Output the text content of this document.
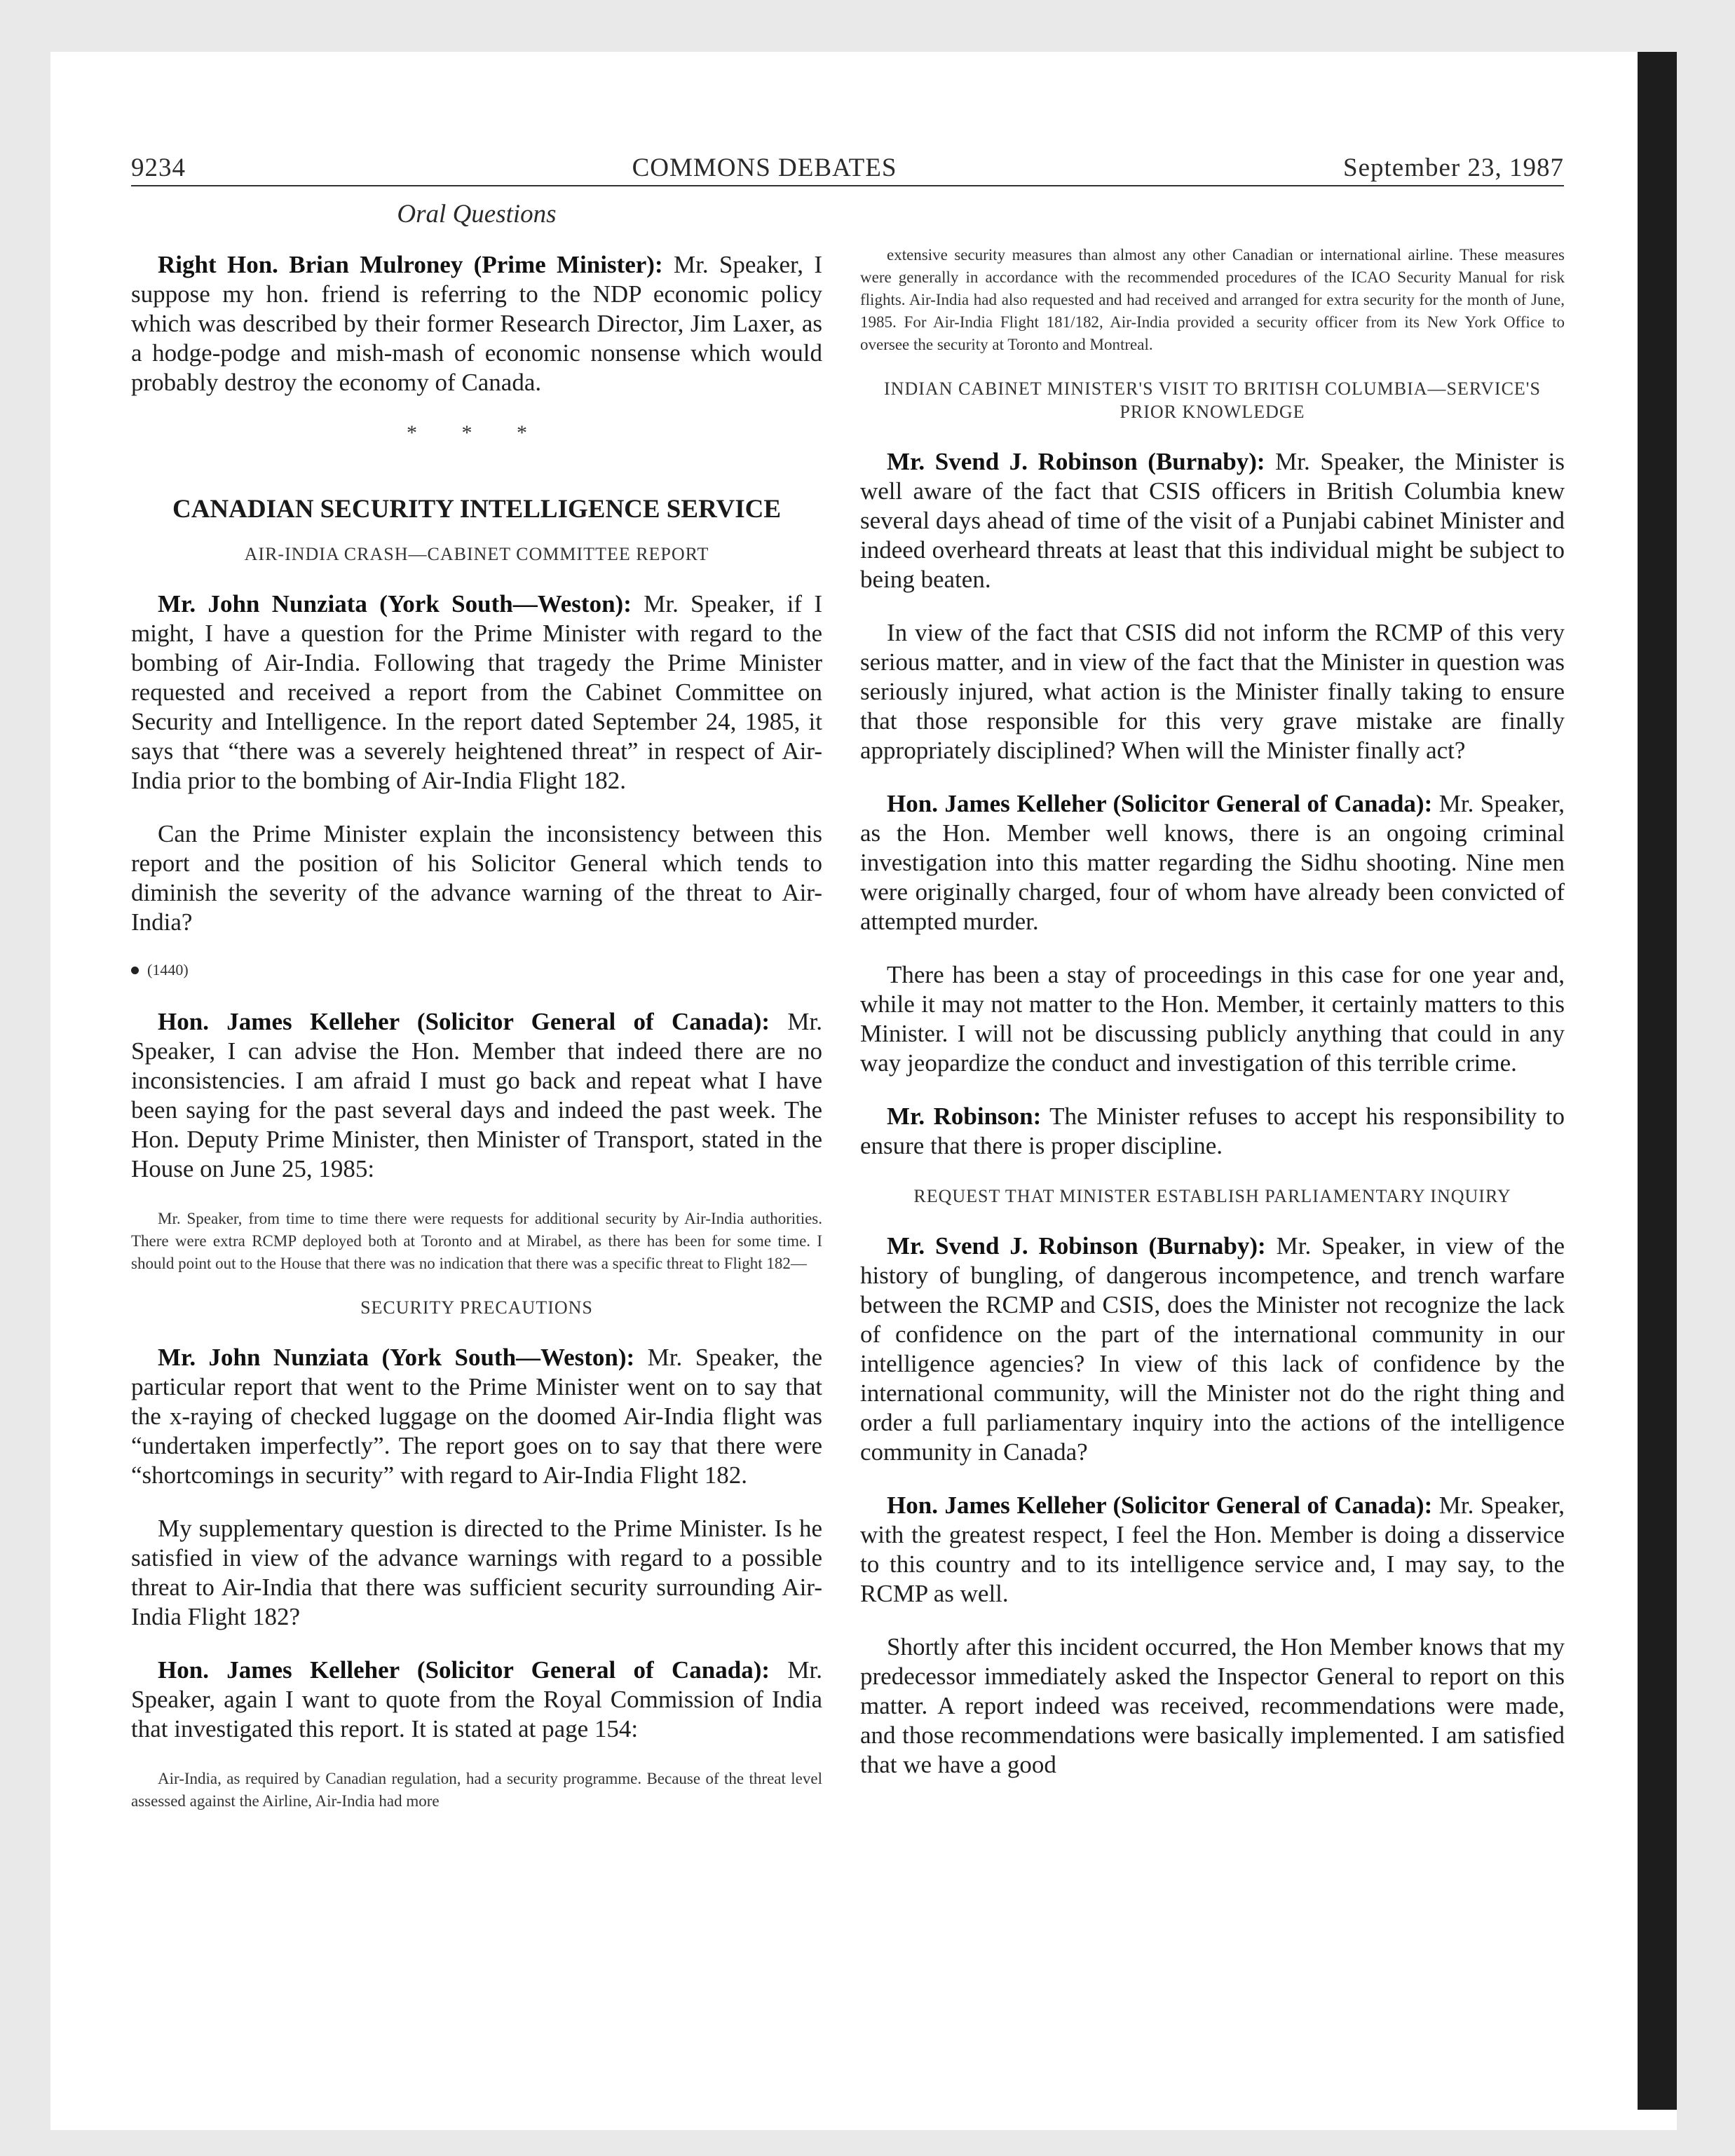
9234	COMMONS DEBATES	September 23, 1987
Oral Questions

Right Hon. Brian Mulroney (Prime Minister): Mr. Speaker, I suppose my hon. friend is referring to the NDP economic policy which was described by their former Research Director, Jim Laxer, as a hodge-podge and mish-mash of economic nonsense which would probably destroy the economy of Canada.

* * *
CANADIAN SECURITY INTELLIGENCE SERVICE
AIR-INDIA CRASH—CABINET COMMITTEE REPORT

Mr. John Nunziata (York South—Weston): Mr. Speaker, if I might, I have a question for the Prime Minister with regard to the bombing of Air-India. Following that tragedy the Prime Minister requested and received a report from the Cabinet Committee on Security and Intelligence. In the report dated September 24, 1985, it says that “there was a severely heightened threat” in respect of Air-India prior to the bombing of Air-India Flight 182.

Can the Prime Minister explain the inconsistency between this report and the position of his Solicitor General which tends to diminish the severity of the advance warning of the threat to Air-India?

(1440)

Hon. James Kelleher (Solicitor General of Canada): Mr. Speaker, I can advise the Hon. Member that indeed there are no inconsistencies. I am afraid I must go back and repeat what I have been saying for the past several days and indeed the past week. The Hon. Deputy Prime Minister, then Minister of Transport, stated in the House on June 25, 1985:

Mr. Speaker, from time to time there were requests for additional security by Air-India authorities. There were extra RCMP deployed both at Toronto and at Mirabel, as there has been for some time. I should point out to the House that there was no indication that there was a specific threat to Flight 182—
SECURITY PRECAUTIONS

Mr. John Nunziata (York South—Weston): Mr. Speaker, the particular report that went to the Prime Minister went on to say that the x-raying of checked luggage on the doomed Air-India flight was “undertaken imperfectly”. The report goes on to say that there were “shortcomings in security” with regard to Air-India Flight 182.

My supplementary question is directed to the Prime Minister. Is he satisfied in view of the advance warnings with regard to a possible threat to Air-India that there was sufficient security surrounding Air-India Flight 182?

Hon. James Kelleher (Solicitor General of Canada): Mr. Speaker, again I want to quote from the Royal Commission of India that investigated this report. It is stated at page 154:

Air-India, as required by Canadian regulation, had a security programme. Because of the threat level assessed against the Airline, Air-India had more
extensive security measures than almost any other Canadian or international airline. These measures were generally in accordance with the recommended procedures of the ICAO Security Manual for risk flights. Air-India had also requested and had received and arranged for extra security for the month of June, 1985. For Air-India Flight 181/182, Air-India provided a security officer from its New York Office to oversee the security at Toronto and Montreal.
INDIAN CABINET MINISTER'S VISIT TO BRITISH COLUMBIA—SERVICE'S PRIOR KNOWLEDGE

Mr. Svend J. Robinson (Burnaby): Mr. Speaker, the Minister is well aware of the fact that CSIS officers in British Columbia knew several days ahead of time of the visit of a Punjabi cabinet Minister and indeed overheard threats at least that this individual might be subject to being beaten.

In view of the fact that CSIS did not inform the RCMP of this very serious matter, and in view of the fact that the Minister in question was seriously injured, what action is the Minister finally taking to ensure that those responsible for this very grave mistake are finally appropriately disciplined? When will the Minister finally act?

Hon. James Kelleher (Solicitor General of Canada): Mr. Speaker, as the Hon. Member well knows, there is an ongoing criminal investigation into this matter regarding the Sidhu shooting. Nine men were originally charged, four of whom have already been convicted of attempted murder.

There has been a stay of proceedings in this case for one year and, while it may not matter to the Hon. Member, it certainly matters to this Minister. I will not be discussing publicly anything that could in any way jeopardize the conduct and investigation of this terrible crime.

Mr. Robinson: The Minister refuses to accept his responsibility to ensure that there is proper discipline.

REQUEST THAT MINISTER ESTABLISH PARLIAMENTARY INQUIRY

Mr. Svend J. Robinson (Burnaby): Mr. Speaker, in view of the history of bungling, of dangerous incompetence, and trench warfare between the RCMP and CSIS, does the Minister not recognize the lack of confidence on the part of the international community in our intelligence agencies? In view of this lack of confidence by the international community, will the Minister not do the right thing and order a full parliamentary inquiry into the actions of the intelligence community in Canada?

Hon. James Kelleher (Solicitor General of Canada): Mr. Speaker, with the greatest respect, I feel the Hon. Member is doing a disservice to this country and to its intelligence service and, I may say, to the RCMP as well.

Shortly after this incident occurred, the Hon Member knows that my predecessor immediately asked the Inspector General to report on this matter. A report indeed was received, recommendations were made, and those recommendations were basically implemented. I am satisfied that we have a good
